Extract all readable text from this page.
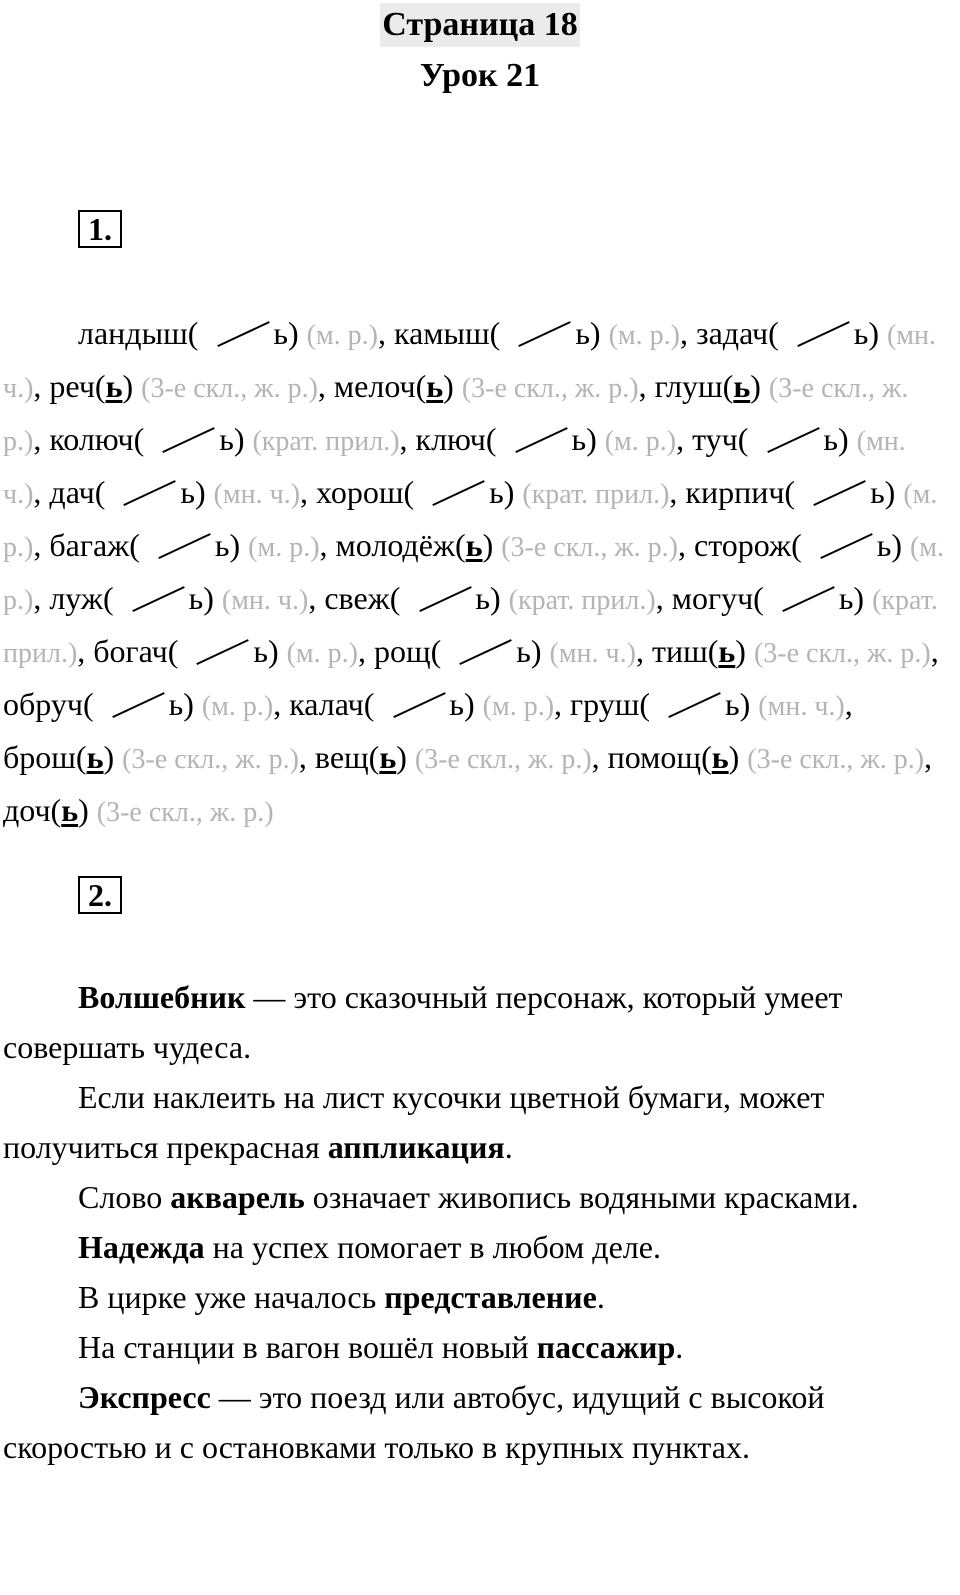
Страница 18
Урок 21
1.

ландыш( ь) (м. р.), камыш( ь) (м. р.), задач( ь) (мн. ч.), реч(ь) (3-е скл., ж. р.), мелоч(ь) (3-е скл., ж. р.), глуш(ь) (3-е скл., ж. р.), колюч( ь) (крат. прил.), ключ( ь) (м. р.), туч( ь) (мн. ч.), дач( ь) (мн. ч.), хорош( ь) (крат. прил.), кирпич( ь) (м. р.), багаж( ь) (м. р.), молодёж(ь) (3-е скл., ж. р.), сторож( ь) (м. р.), луж( ь) (мн. ч.), свеж( ь) (крат. прил.), могуч( ь) (крат. прил.), богач( ь) (м. р.), рощ( ь) (мн. ч.), тиш(ь) (3-е скл., ж. р.), обруч( ь) (м. р.), калач( ь) (м. р.), груш( ь) (мн. ч.), брош(ь) (3-е скл., ж. р.), вещ(ь) (3-е скл., ж. р.), помощ(ь) (3-е скл., ж. р.), доч(ь) (3-е скл., ж. р.)

2.

Волшебник — это сказочный персонаж, который умеет совершать чудеса.

Если наклеить на лист кусочки цветной бумаги, может получиться прекрасная аппликация.

Слово акварель означает живопись водяными красками.

Надежда на успех помогает в любом деле.

В цирке уже началось представление.

На станции в вагон вошёл новый пассажир.

Экспресс — это поезд или автобус, идущий с высокой скоростью и с остановками только в крупных пунктах.
